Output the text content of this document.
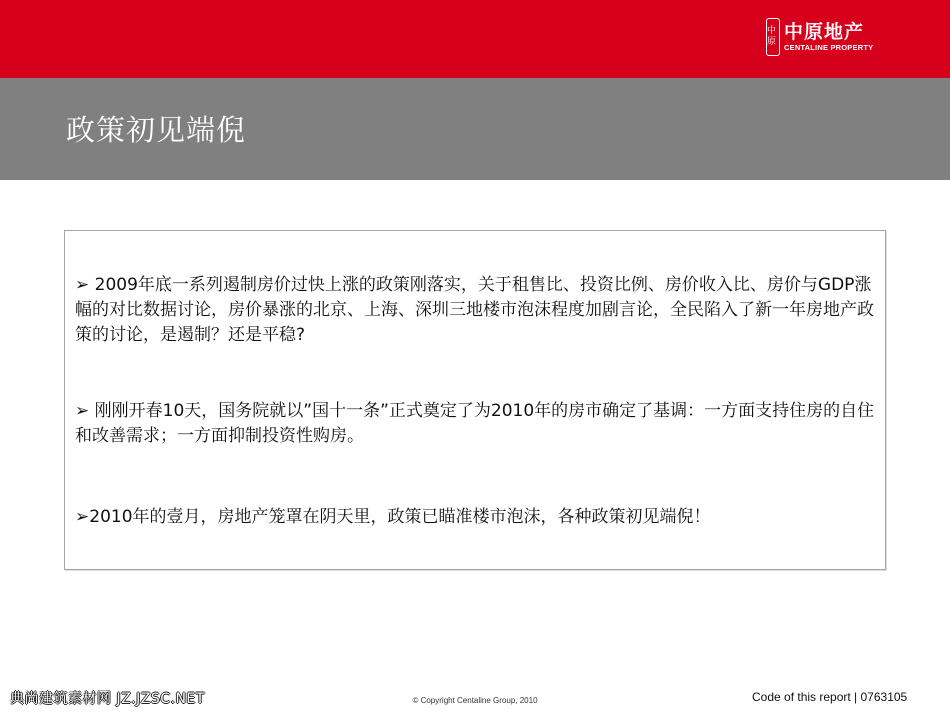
中原 中原地产
CENTALINE PROPERTY
政策初见端倪
➢ 2009年底一系列遏制房价过快上涨的政策刚落实，关于租售比、投资比例、房价收入比、房价与GDP涨幅的对比数据讨论，房价暴涨的北京、上海、深圳三地楼市泡沫程度加剧言论，全民陷入了新一年房地产政策的讨论，是遏制？还是平稳?
➢ 刚刚开春10天，国务院就以”国十一条”正式奠定了为2010年的房市确定了基调：一方面支持住房的自住和改善需求；一方面抑制投资性购房。
➢2010年的壹月，房地产笼罩在阴天里，政策已瞄准楼市泡沫，各种政策初见端倪！
典尚建筑素材网 JZ.JZSC.NET	© Copyright Centaline Group, 2010	Code of this report | 0763105
